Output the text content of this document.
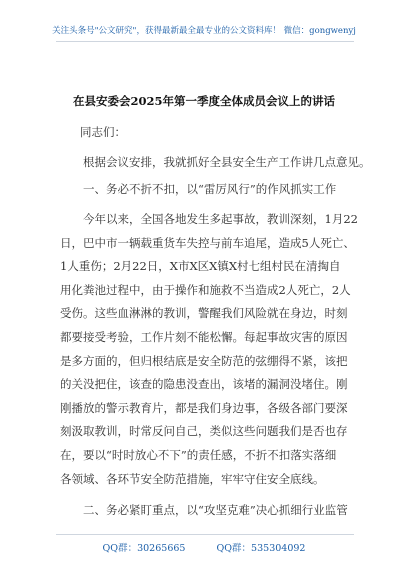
关注头条号"公文研究"，获得最新最全最专业的公文资料库！ 微信：gongwenyj
在县安委会2025年第一季度全体成员会议上的讲话
同志们：
根据会议安排，我就抓好全县安全生产工作讲几点意见。
一、务必不折不扣，以“雷厉风行”的作风抓实工作
今年以来，全国各地发生多起事故，教训深刻，1月22
日，巴中市一辆载重货车失控与前车追尾，造成5人死亡、
1人重伤；2月22日，X市X区X镇X村七组村民在清掏自
用化粪池过程中，由于操作和施救不当造成2人死亡，2人
受伤。这些血淋淋的教训，警醒我们风险就在身边，时刻
都要接受考验，工作片刻不能松懈。每起事故灾害的原因
是多方面的，但归根结底是安全防范的弦绷得不紧，该把
的关没把住，该查的隐患没查出，该堵的漏洞没堵住。刚
刚播放的警示教育片，都是我们身边事，各级各部门要深
刻汲取教训，时常反问自己，类似这些问题我们是否也存
在，要以“时时放心不下”的责任感，不折不扣落实落细
各领域、各环节安全防范措施，牢牢守住安全底线。
二、务必紧盯重点，以“攻坚克难”决心抓细行业监管
QQ群：30265665	QQ群：535304092
